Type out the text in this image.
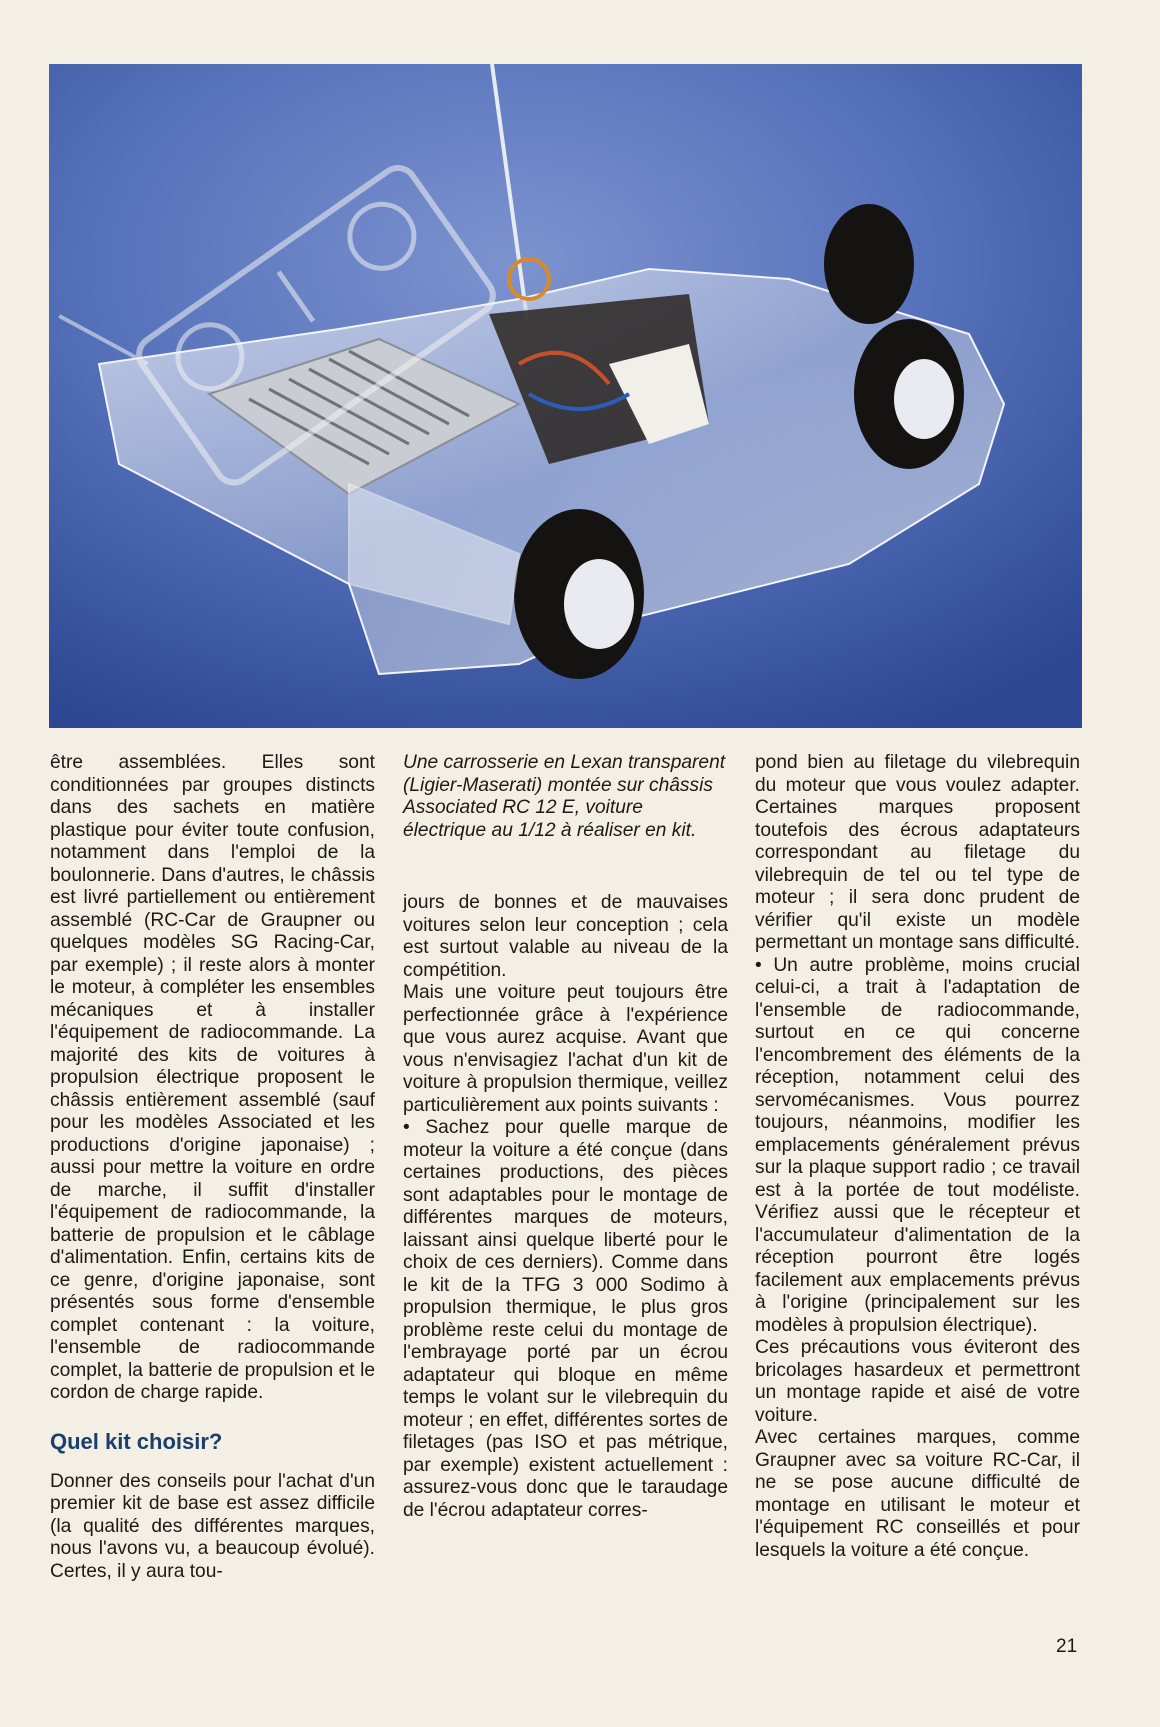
être assemblées. Elles sont conditionnées par groupes distincts dans des sachets en matière plastique pour éviter toute confusion, notamment dans l'emploi de la boulonnerie. Dans d'autres, le châssis est livré partiellement ou entièrement assemblé (RC-Car de Graupner ou quelques modèles SG Racing-Car, par exemple) ; il reste alors à monter le moteur, à compléter les ensembles mécaniques et à installer l'équipement de radiocommande. La majorité des kits de voitures à propulsion électrique proposent le châssis entièrement assemblé (sauf pour les modèles Associated et les productions d'origine japonaise) ; aussi pour mettre la voiture en ordre de marche, il suffit d'installer l'équipement de radiocommande, la batterie de propulsion et le câblage d'alimentation. Enfin, certains kits de ce genre, d'origine japonaise, sont présentés sous forme d'ensemble complet contenant : la voiture, l'ensemble de radiocommande complet, la batterie de propulsion et le cordon de charge rapide.

Quel kit choisir?

Donner des conseils pour l'achat d'un premier kit de base est assez difficile (la qualité des différentes marques, nous l'avons vu, a beaucoup évolué). Certes, il y aura tou-

Une carrosserie en Lexan transparent (Ligier-Maserati) montée sur châssis Associated RC 12 E, voiture électrique au 1/12 à réaliser en kit.

jours de bonnes et de mauvaises voitures selon leur conception ; cela est surtout valable au niveau de la compétition.

Mais une voiture peut toujours être perfectionnée grâce à l'expérience que vous aurez acquise. Avant que vous n'envisagiez l'achat d'un kit de voiture à propulsion thermique, veillez particulièrement aux points suivants :

• Sachez pour quelle marque de moteur la voiture a été conçue (dans certaines productions, des pièces sont adaptables pour le montage de différentes marques de moteurs, laissant ainsi quelque liberté pour le choix de ces derniers). Comme dans le kit de la TFG 3 000 Sodimo à propulsion thermique, le plus gros problème reste celui du montage de l'embrayage porté par un écrou adaptateur qui bloque en même temps le volant sur le vilebrequin du moteur ; en effet, différentes sortes de filetages (pas ISO et pas métrique, par exemple) existent actuellement : assurez-vous donc que le taraudage de l'écrou adaptateur corres-

pond bien au filetage du vilebrequin du moteur que vous voulez adapter. Certaines marques proposent toutefois des écrous adaptateurs correspondant au filetage du vilebrequin de tel ou tel type de moteur ; il sera donc prudent de vérifier qu'il existe un modèle permettant un montage sans difficulté.

• Un autre problème, moins crucial celui-ci, a trait à l'adaptation de l'ensemble de radiocommande, surtout en ce qui concerne l'encombrement des éléments de la réception, notamment celui des servomécanismes. Vous pourrez toujours, néanmoins, modifier les emplacements généralement prévus sur la plaque support radio ; ce travail est à la portée de tout modéliste. Vérifiez aussi que le récepteur et l'accumulateur d'alimentation de la réception pourront être logés facilement aux emplacements prévus à l'origine (principalement sur les modèles à propulsion électrique).

Ces précautions vous éviteront des bricolages hasardeux et permettront un montage rapide et aisé de votre voiture.

Avec certaines marques, comme Graupner avec sa voiture RC-Car, il ne se pose aucune difficulté de montage en utilisant le moteur et l'équipement RC conseillés et pour lesquels la voiture a été conçue.

21
